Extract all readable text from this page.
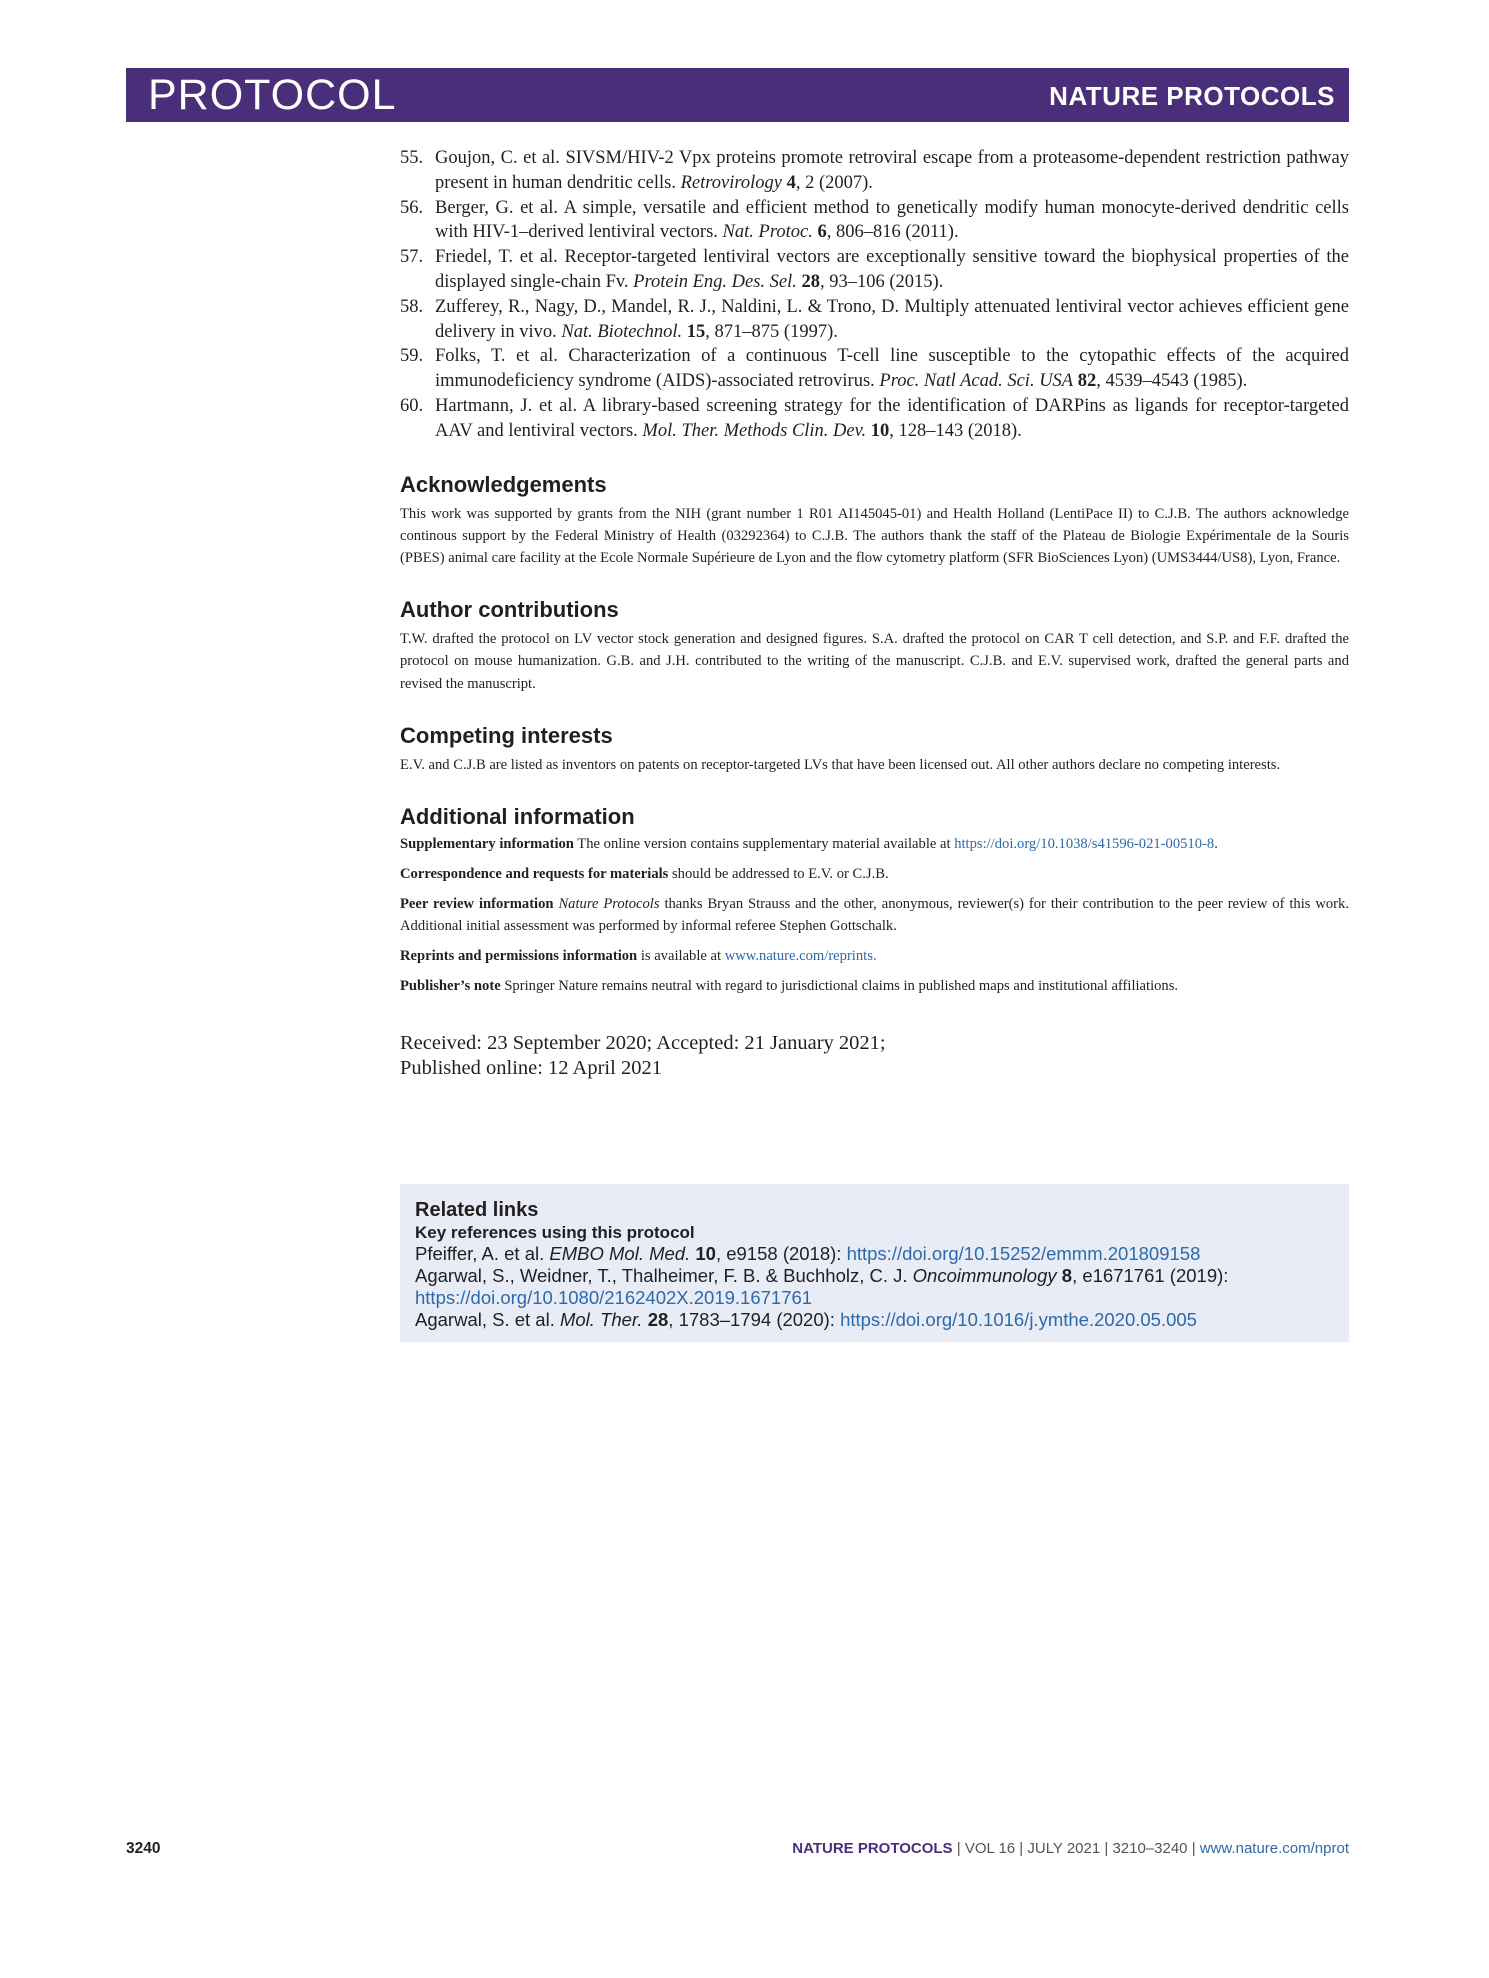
PROTOCOL	NATURE PROTOCOLS
55. Goujon, C. et al. SIVSM/HIV-2 Vpx proteins promote retroviral escape from a proteasome-dependent restriction pathway present in human dendritic cells. Retrovirology 4, 2 (2007).
56. Berger, G. et al. A simple, versatile and efficient method to genetically modify human monocyte-derived dendritic cells with HIV-1–derived lentiviral vectors. Nat. Protoc. 6, 806–816 (2011).
57. Friedel, T. et al. Receptor-targeted lentiviral vectors are exceptionally sensitive toward the biophysical properties of the displayed single-chain Fv. Protein Eng. Des. Sel. 28, 93–106 (2015).
58. Zufferey, R., Nagy, D., Mandel, R. J., Naldini, L. & Trono, D. Multiply attenuated lentiviral vector achieves efficient gene delivery in vivo. Nat. Biotechnol. 15, 871–875 (1997).
59. Folks, T. et al. Characterization of a continuous T-cell line susceptible to the cytopathic effects of the acquired immunodeficiency syndrome (AIDS)-associated retrovirus. Proc. Natl Acad. Sci. USA 82, 4539–4543 (1985).
60. Hartmann, J. et al. A library-based screening strategy for the identification of DARPins as ligands for receptor-targeted AAV and lentiviral vectors. Mol. Ther. Methods Clin. Dev. 10, 128–143 (2018).
Acknowledgements

This work was supported by grants from the NIH (grant number 1 R01 AI145045-01) and Health Holland (LentiPace II) to C.J.B. The authors acknowledge continous support by the Federal Ministry of Health (03292364) to C.J.B. The authors thank the staff of the Plateau de Biologie Expérimentale de la Souris (PBES) animal care facility at the Ecole Normale Supérieure de Lyon and the flow cytometry platform (SFR BioSciences Lyon) (UMS3444/US8), Lyon, France.

Author contributions

T.W. drafted the protocol on LV vector stock generation and designed figures. S.A. drafted the protocol on CAR T cell detection, and S.P. and F.F. drafted the protocol on mouse humanization. G.B. and J.H. contributed to the writing of the manuscript. C.J.B. and E.V. supervised work, drafted the general parts and revised the manuscript.

Competing interests

E.V. and C.J.B are listed as inventors on patents on receptor-targeted LVs that have been licensed out. All other authors declare no competing interests.

Additional information

Supplementary information The online version contains supplementary material available at https://doi.org/10.1038/s41596-021-00510-8.

Correspondence and requests for materials should be addressed to E.V. or C.J.B.

Peer review information Nature Protocols thanks Bryan Strauss and the other, anonymous, reviewer(s) for their contribution to the peer review of this work. Additional initial assessment was performed by informal referee Stephen Gottschalk.

Reprints and permissions information is available at www.nature.com/reprints.

Publisher’s note Springer Nature remains neutral with regard to jurisdictional claims in published maps and institutional affiliations.

Received: 23 September 2020; Accepted: 21 January 2021;
Published online: 12 April 2021
Related links
Key references using this protocol
Pfeiffer, A. et al. EMBO Mol. Med. 10, e9158 (2018): https://doi.org/10.15252/emmm.201809158
Agarwal, S., Weidner, T., Thalheimer, F. B. & Buchholz, C. J. Oncoimmunology 8, e1671761 (2019): https://doi.org/10.1080/2162402X.2019.1671761
Agarwal, S. et al. Mol. Ther. 28, 1783–1794 (2020): https://doi.org/10.1016/j.ymthe.2020.05.005
3240	NATURE PROTOCOLS | VOL 16 | JULY 2021 | 3210–3240 | www.nature.com/nprot
